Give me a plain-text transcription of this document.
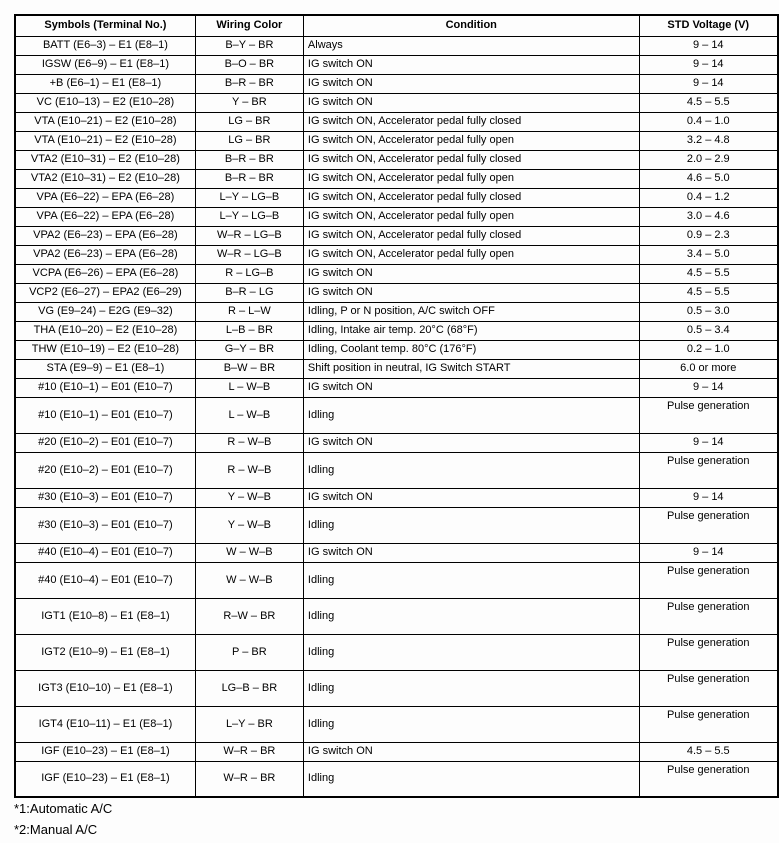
Symbols (Terminal No.)	Wiring Color	Condition	STD Voltage (V)
BATT (E6–3) – E1 (E8–1)	B–Y – BR	Always	9 – 14
IGSW (E6–9) – E1 (E8–1)	B–O – BR	IG switch ON	9 – 14
+B (E6–1) – E1 (E8–1)	B–R – BR	IG switch ON	9 – 14
VC (E10–13) – E2 (E10–28)	Y – BR	IG switch ON	4.5 – 5.5
VTA (E10–21) – E2 (E10–28)	LG – BR	IG switch ON, Accelerator pedal fully closed	0.4 – 1.0
VTA (E10–21) – E2 (E10–28)	LG – BR	IG switch ON, Accelerator pedal fully open	3.2 – 4.8
VTA2 (E10–31) – E2 (E10–28)	B–R – BR	IG switch ON, Accelerator pedal fully closed	2.0 – 2.9
VTA2 (E10–31) – E2 (E10–28)	B–R – BR	IG switch ON, Accelerator pedal fully open	4.6 – 5.0
VPA (E6–22) – EPA (E6–28)	L–Y – LG–B	IG switch ON, Accelerator pedal fully closed	0.4 – 1.2
VPA (E6–22) – EPA (E6–28)	L–Y – LG–B	IG switch ON, Accelerator pedal fully open	3.0 – 4.6
VPA2 (E6–23) – EPA (E6–28)	W–R – LG–B	IG switch ON, Accelerator pedal fully closed	0.9 – 2.3
VPA2 (E6–23) – EPA (E6–28)	W–R – LG–B	IG switch ON, Accelerator pedal fully open	3.4 – 5.0
VCPA (E6–26) – EPA (E6–28)	R – LG–B	IG switch ON	4.5 – 5.5
VCP2 (E6–27) – EPA2 (E6–29)	B–R – LG	IG switch ON	4.5 – 5.5
VG (E9–24) – E2G (E9–32)	R – L–W	Idling, P or N position, A/C switch OFF	0.5 – 3.0
THA (E10–20) – E2 (E10–28)	L–B – BR	Idling, Intake air temp. 20°C (68°F)	0.5 – 3.4
THW (E10–19) – E2 (E10–28)	G–Y – BR	Idling, Coolant temp. 80°C (176°F)	0.2 – 1.0
STA (E9–9) – E1 (E8–1)	B–W – BR	Shift position in neutral, IG Switch START	6.0 or more
#10 (E10–1) – E01 (E10–7)	L – W–B	IG switch ON	9 – 14
#10 (E10–1) – E01 (E10–7)	L – W–B	Idling	Pulse generation
#20 (E10–2) – E01 (E10–7)	R – W–B	IG switch ON	9 – 14
#20 (E10–2) – E01 (E10–7)	R – W–B	Idling	Pulse generation
#30 (E10–3) – E01 (E10–7)	Y – W–B	IG switch ON	9 – 14
#30 (E10–3) – E01 (E10–7)	Y – W–B	Idling	Pulse generation
#40 (E10–4) – E01 (E10–7)	W – W–B	IG switch ON	9 – 14
#40 (E10–4) – E01 (E10–7)	W – W–B	Idling	Pulse generation
IGT1 (E10–8) – E1 (E8–1)	R–W – BR	Idling	Pulse generation
IGT2 (E10–9) – E1 (E8–1)	P – BR	Idling	Pulse generation
IGT3 (E10–10) – E1 (E8–1)	LG–B – BR	Idling	Pulse generation
IGT4 (E10–11) – E1 (E8–1)	L–Y – BR	Idling	Pulse generation
IGF (E10–23) – E1 (E8–1)	W–R – BR	IG switch ON	4.5 – 5.5
IGF (E10–23) – E1 (E8–1)	W–R – BR	Idling	Pulse generation
*1:Automatic A/C
*2:Manual A/C
